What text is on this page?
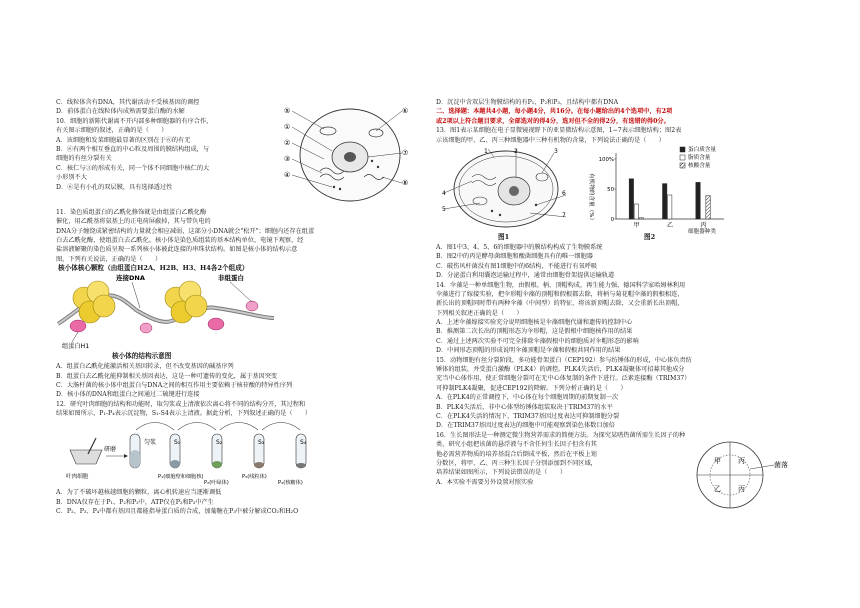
C．线粒体含有DNA，其代谢活动不受核基因的调控
D．前体蛋白在线粒体内成熟需要蛋白酶的水解
10．细胞的新陈代谢离不开内部多种细胞器的有序合作，
有关图示细胞的叙述，正确的是（　　）
A．该细胞和发菜细胞最显著的区别在于⑥的有无
B．⑥有两个相互垂直的中心粒及周围的膜结构组成，与
细胞的有丝分裂有关
C．核仁与③的形成有关，同一个体不同细胞中核仁的大
小形别不大
D．⑥是有小孔的双层膜，具有选择透过性
⑤
①
②
③
④
⑥
⑦
⑧
11．染色质组蛋白的乙酰化修饰就是由组蛋白乙酰化酶
催化，用乙酰基将氨基上的正电荷屏蔽掉，其与带负电的
DNA分子缠绕成紧密结构的力量就会相应减弱，这部分小DNA就会"松开"；细胞内还存在组蛋
白去乙酰化酶，使组蛋白去乙酰化。核小体是染色质组装的基本结构单位，电镜下观察，经
盐溶液解聚的染色质呈现一系列核小体被此连接的串珠状结构。如图是核小体的结构示意
图，下列有关说法，正确的是（　　）
核小体核心颗粒（由组蛋白H2A、H2B、H3、H4各2个组成）
连接DNA	非组蛋白
组蛋白H1
核小体的结构示意图
A．组蛋白乙酰化能激活相关基因转录，但不改变基因的碱基序列
B．组蛋白去乙酰化能抑制相关基因表达，这是一种可遗传的变化，属于基因突变
C．大肠杆菌的核小体中组蛋白与DNA之间的相互作用主要依赖于核苷酸的特异性序列
D．核小体的DNA和组蛋白之间通过二硫键进行连接
12．研究叶肉细胞的结构和功能时，取匀浆或上清液依次离心将不同的结构分开，其过程和
结果如图所示，P₁-P₄表示沉淀物，S₁-S4表示上清液。据此分析，下列叙述正确的是（　　）
研磨
匀浆	S₁	S₂	S₃	S₄
叶肉细胞	P₁(细胞壁和细胞核)
P₂(叶绿体)
P₃(线粒体)
P₄(核糖体)
A．为了不破坏越核越细胞的颗粒，离心机转速应当逐渐调低
B．DNA仅存在于P₁、P₂和P₃中，ATP仅在P₂和P₃中产生
C．P₂、P₃、P₄中都有基因且都能指导蛋白质的合成，加葡糖在P₃中被分解成CO₂和H₂O
D．沉淀中含双层生物膜结构的有P₁、P₂和P₃，且结构中都有DNA
二、选择题：本题共4小题，每小题4分，共16分。在每小题给出的4个选项中，有2项
或2项以上符合题目要求，全部选对的得4分，选对但不全的得2分，有选错的得0分。
13．图1表示某细胞在电子显微镜视野下的亚显微结构示意图，1−7表示细胞结构；图2表
示该细胞的甲、乙、丙三种细胞器中三种有机物的含量，下列说法正确的是（　　）
1	2	3
4
5
6
7
图1
有机物的含量（%）
细胞器种类
0
50
100%
甲	乙	丙
蛋白质含量
脂质含量
核酸含量
图2
A．图1中3、4、5、6的细胞器中的膜结构构成了生物膜系统
B．图2中的丙是酵母菌细胞和酸菌细胞具有的唯一细胞器
C．破伤风杆菌没有图1细胞中的6结构，不能进行有氧呼吸
D．分泌蛋白利用囊泡运输过程中，通常由细胞骨架提供运输轨道
14．伞藻是一种单细胞生物，由假根、柄、顶帽构成，再生能力强，德国科学家哈姆林利用
伞藻进行了嫁接实验，把伞形帽伞藻的顶帽和假根都去除，将柄与菊花帽伞藻的假根相连，
新长出的顶帽同时带有两种伞藻（中间型）的特征，将该新顶帽去除，又会重新长出顶帽，
下列相关叙述正确的是（　　）
A．上述伞藻嫁接实验充分说明细胞核是伞藻细胞代谢和遗传的控制中心
B．推测第二次长出的顶帽形态为伞形帽，这是假根中细胞核作用的结果
C．通过上述两次实验不可完全排除伞藻假根中的细胞质对伞帽形态的影响
D．中间形态顶帽的形成说明伞藻顶帽是伞藻和假根共同作用的结果
15．动物细胞有丝分裂阶段，多功能骨架蛋白（CEP192）参与纺锤体的形成，中心体负责纺
锤体的组装，并受蛋白激酶（PLK4）的调控。PLK4失活后，PLK4凝聚体可招募其他成分
充当中心体作用，使正常细胞分裂可在无中心体复制的条件下进行。泛素连接酶（TRIM37）
可抑制PLK4凝聚，促进CEP192的降解。下列分析正确的是（　　）
A．在PLK4的正常调控下，中心体在每个细胞周期的前期复制一次
B．PLK4失活后，非中心体型纺锤体组装取决于TRIM37的水平
C．在PLK4失活的情况下，TRIM37基因过度表达可抑制细胞分裂
D．在TRIM37基因过度表达的细胞中可能观察到染色体数目加倍
16．生长图形法是一种测定微生物营养需求的简便方法。为探究某嗜热菌所需生长因子的种
类，研究小组把该菌的悬浮液与不含任何生长因子但含有其
他必需营养物质的培养基混合后倒成平板，然后在平板上划
分数区，将甲、乙、丙三种生长因子分别添加到不同区域，
培养结果如图所示，下列说法错误的是（　　）
A．本实验不需要另外设置对照实验
甲 丙
乙 丙
菌落
